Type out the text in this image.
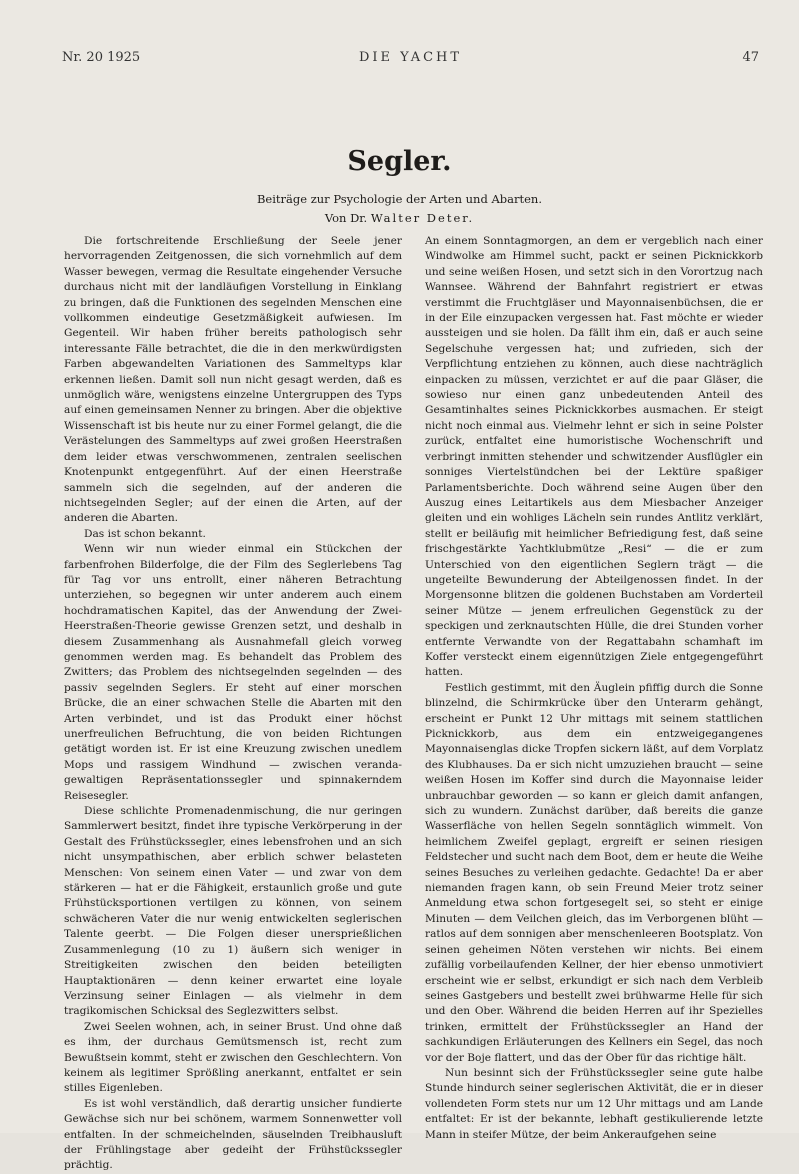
Nr. 20 1925	DIE YACHT	47
Segler.
Beiträge zur Psychologie der Arten und Abarten.
Von Dr. Walter Deter.

Die fortschreitende Erschließung der Seele jener hervorragenden Zeitgenossen, die sich vornehmlich auf dem Wasser bewegen, vermag die Resultate eingehender Versuche durchaus nicht mit der landläufigen Vorstellung in Einklang zu bringen, daß die Funktionen des segelnden Menschen eine vollkommen eindeutige Gesetzmäßigkeit aufwiesen. Im Gegenteil. Wir haben früher bereits pathologisch sehr interessante Fälle betrachtet, die die in den merkwürdigsten Farben abgewandelten Variationen des Sammeltyps klar erkennen ließen. Damit soll nun nicht gesagt werden, daß es unmöglich wäre, wenigstens einzelne Untergruppen des Typs auf einen gemeinsamen Nenner zu bringen. Aber die objektive Wissenschaft ist bis heute nur zu einer Formel gelangt, die die Verästelungen des Sammeltyps auf zwei großen Heerstraßen dem leider etwas verschwommenen, zentralen seelischen Knotenpunkt entgegenführt. Auf der einen Heerstraße sammeln sich die segelnden, auf der anderen die nichtsegelnden Segler; auf der einen die Arten, auf der anderen die Abarten.

Das ist schon bekannt.

Wenn wir nun wieder einmal ein Stückchen der farbenfrohen Bilderfolge, die der Film des Seglerlebens Tag für Tag vor uns entrollt, einer näheren Betrachtung unterziehen, so begegnen wir unter anderem auch einem hochdramatischen Kapitel, das der Anwendung der Zwei-Heerstraßen-Theorie gewisse Grenzen setzt, und deshalb in diesem Zusammenhang als Ausnahmefall gleich vorweg genommen werden mag. Es behandelt das Problem des Zwitters; das Problem des nichtsegelnden segelnden — des passiv segelnden Seglers. Er steht auf einer morschen Brücke, die an einer schwachen Stelle die Abarten mit den Arten verbindet, und ist das Produkt einer höchst unerfreulichen Befruchtung, die von beiden Richtungen getätigt worden ist. Er ist eine Kreuzung zwischen unedlem Mops und rassigem Windhund — zwischen veranda-gewaltigen Repräsentationssegler und spinnakerndem Reisesegler.

Diese schlichte Promenadenmischung, die nur geringen Sammlerwert besitzt, findet ihre typische Verkörperung in der Gestalt des Frühstückssegler, eines lebensfrohen und an sich nicht unsympathischen, aber erblich schwer belasteten Menschen: Von seinem einen Vater — und zwar von dem stärkeren — hat er die Fähigkeit, erstaunlich große und gute Frühstücksportionen vertilgen zu können, von seinem schwächeren Vater die nur wenig entwickelten seglerischen Talente geerbt. — Die Folgen dieser unersprießlichen Zusammenlegung (10 zu 1) äußern sich weniger in Streitigkeiten zwischen den beiden beteiligten Hauptaktionären — denn keiner erwartet eine loyale Verzinsung seiner Einlagen — als vielmehr in dem tragikomischen Schicksal des Seglezwitters selbst.

Zwei Seelen wohnen, ach, in seiner Brust. Und ohne daß es ihm, der durchaus Gemütsmensch ist, recht zum Bewußtsein kommt, steht er zwischen den Geschlechtern. Von keinem als legitimer Sprößling anerkannt, entfaltet er sein stilles Eigenleben.

Es ist wohl verständlich, daß derartig unsicher fundierte Gewächse sich nur bei schönem, warmem Sonnenwetter voll entfalten. In der schmeichelnden, säuselnden Treibhausluft der Frühlingstage aber gedeiht der Frühstückssegler prächtig.

An einem Sonntagmorgen, an dem er vergeblich nach einer Windwolke am Himmel sucht, packt er seinen Picknickkorb und seine weißen Hosen, und setzt sich in den Vorortzug nach Wannsee. Während der Bahnfahrt registriert er etwas verstimmt die Fruchtgläser und Mayonnaisenbüchsen, die er in der Eile einzupacken vergessen hat. Fast möchte er wieder aussteigen und sie holen. Da fällt ihm ein, daß er auch seine Segelschuhe vergessen hat; und zufrieden, sich der Verpflichtung entziehen zu können, auch diese nachträglich einpacken zu müssen, verzichtet er auf die paar Gläser, die sowieso nur einen ganz unbedeutenden Anteil des Gesamtinhaltes seines Picknickkorbes ausmachen. Er steigt nicht noch einmal aus. Vielmehr lehnt er sich in seine Polster zurück, entfaltet eine humoristische Wochenschrift und verbringt inmitten stehender und schwitzender Ausflügler ein sonniges Viertelstündchen bei der Lektüre spaßiger Parlamentsberichte. Doch während seine Augen über den Auszug eines Leitartikels aus dem Miesbacher Anzeiger gleiten und ein wohliges Lächeln sein rundes Antlitz verklärt, stellt er beiläufig mit heimlicher Befriedigung fest, daß seine frischgestärkte Yachtklubmütze „Resi“ — die er zum Unterschied von den eigentlichen Seglern trägt — die ungeteilte Bewunderung der Abteilgenossen findet. In der Morgensonne blitzen die goldenen Buchstaben am Vorderteil seiner Mütze — jenem erfreulichen Gegenstück zu der speckigen und zerknautschten Hülle, die drei Stunden vorher entfernte Verwandte von der Regattabahn schamhaft im Koffer versteckt einem eigennützigen Ziele entgegengeführt hatten.

Festlich gestimmt, mit den Äuglein pfiffig durch die Sonne blinzelnd, die Schirmkrücke über den Unterarm gehängt, erscheint er Punkt 12 Uhr mittags mit seinem stattlichen Picknickkorb, aus dem ein entzweigegangenes Mayonnaisenglas dicke Tropfen sickern läßt, auf dem Vorplatz des Klubhauses. Da er sich nicht umzuziehen braucht — seine weißen Hosen im Koffer sind durch die Mayonnaise leider unbrauchbar geworden — so kann er gleich damit anfangen, sich zu wundern. Zunächst darüber, daß bereits die ganze Wasserfläche von hellen Segeln sonntäglich wimmelt. Von heimlichem Zweifel geplagt, ergreift er seinen riesigen Feldstecher und sucht nach dem Boot, dem er heute die Weihe seines Besuches zu verleihen gedachte. Gedachte! Da er aber niemanden fragen kann, ob sein Freund Meier trotz seiner Anmeldung etwa schon fortgesegelt sei, so steht er einige Minuten — dem Veilchen gleich, das im Verborgenen blüht — ratlos auf dem sonnigen aber menschenleeren Bootsplatz. Von seinen geheimen Nöten verstehen wir nichts. Bei einem zufällig vorbeilaufenden Kellner, der hier ebenso unmotiviert erscheint wie er selbst, erkundigt er sich nach dem Verbleib seines Gastgebers und bestellt zwei brühwarme Helle für sich und den Ober. Während die beiden Herren auf ihr Spezielles trinken, ermittelt der Frühstückssegler an Hand der sachkundigen Erläuterungen des Kellners ein Segel, das noch vor der Boje flattert, und das der Ober für das richtige hält.

Nun besinnt sich der Frühstückssegler seine gute halbe Stunde hindurch seiner seglerischen Aktivität, die er in dieser vollendeten Form stets nur um 12 Uhr mittags und am Lande entfaltet: Er ist der bekannte, lebhaft gestikulierende letzte Mann in steifer Mütze, der beim Ankeraufgehen seine
